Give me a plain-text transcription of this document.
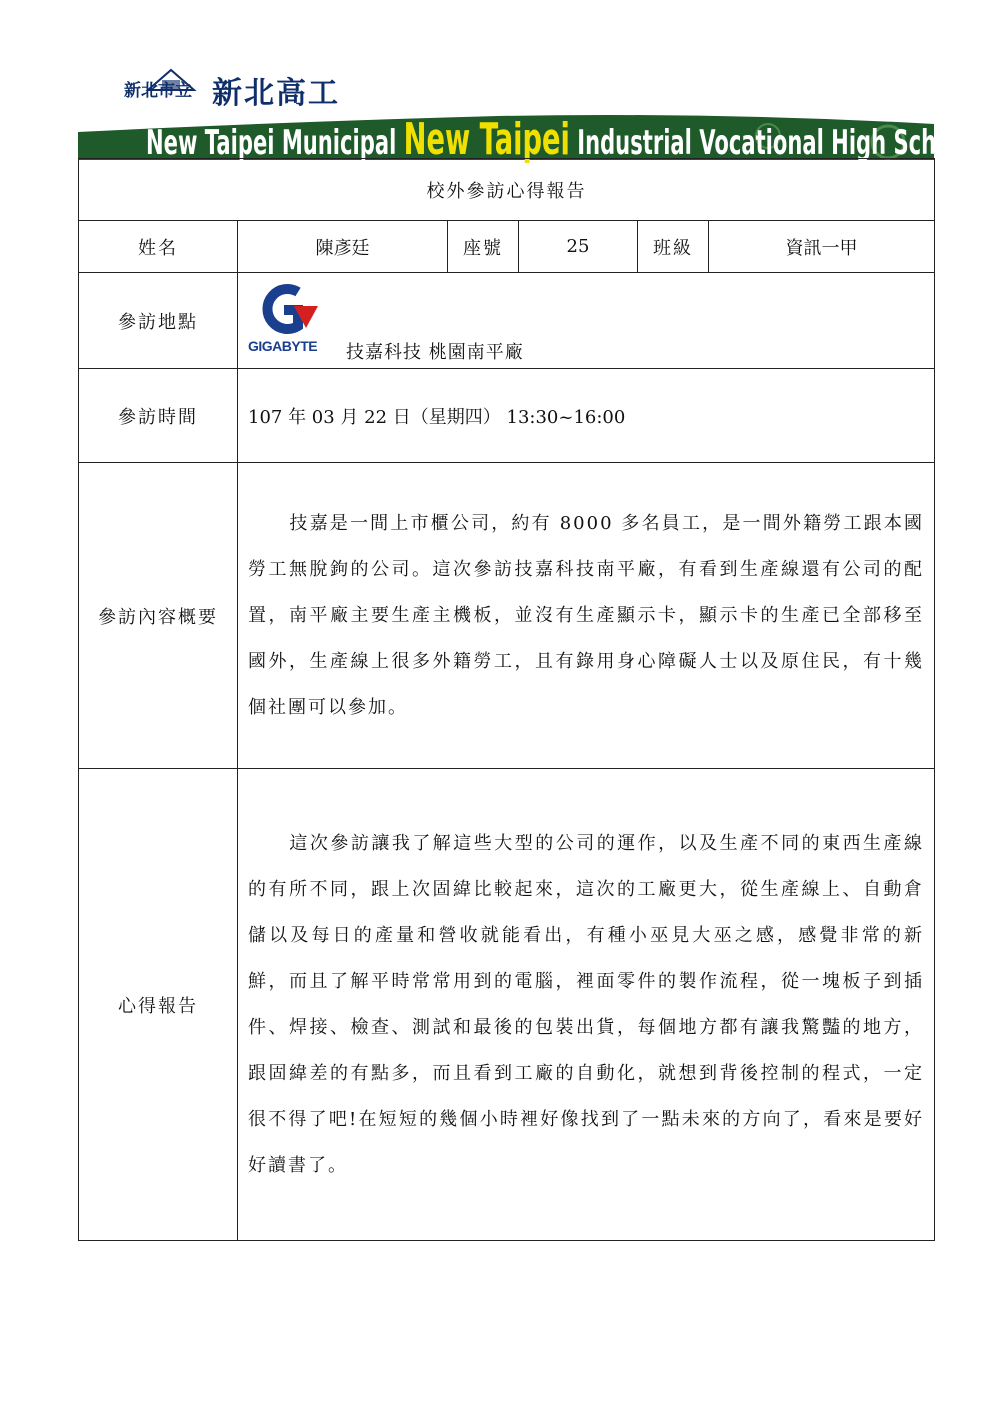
新北市立 新北高工
New Taipei Municipal New Taipei Industrial Vocational High School
校外參訪心得報告					
姓名	陳彥廷	座號	25	班級	資訊一甲
參訪地點	GIGABYTE 技嘉科技 桃園南平廠				

參訪時間	107 年 03 月 22 日（星期四） 13:30~16:00				
參訪內容概要	技嘉是一間上市櫃公司，約有 8000 多名員工，是一間外籍勞工跟本國勞工無脫鉤的公司。這次參訪技嘉科技南平廠，有看到生產線還有公司的配置，南平廠主要生產主機板，並沒有生產顯示卡，顯示卡的生產已全部移至國外，生產線上很多外籍勞工，且有錄用身心障礙人士以及原住民，有十幾個社團可以參加。				

心得報告	這次參訪讓我了解這些大型的公司的運作，以及生產不同的東西生產線的有所不同，跟上次固緯比較起來，這次的工廠更大，從生產線上、自動倉儲以及每日的產量和營收就能看出，有種小巫見大巫之感，感覺非常的新鮮，而且了解平時常常用到的電腦，裡面零件的製作流程，從一塊板子到插件、焊接、檢查、測試和最後的包裝出貨，每個地方都有讓我驚豔的地方，跟固緯差的有點多，而且看到工廠的自動化，就想到背後控制的程式，一定很不得了吧!在短短的幾個小時裡好像找到了一點未來的方向了，看來是要好好讀書了。				
